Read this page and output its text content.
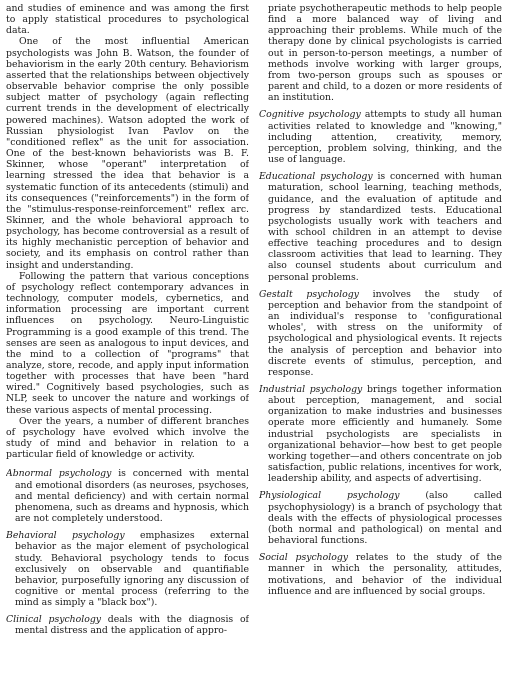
and studies of eminence and was among the first to apply statistical procedures to psychological data.

One of the most influential American psychologists was John B. Watson, the founder of behaviorism in the early 20th century. Behaviorism asserted that the relationships between objectively observable behavior comprise the only possible subject matter of psychology (again reflecting current trends in the development of electrically powered machines). Watson adopted the work of Russian physiologist Ivan Pavlov on the "conditioned reflex" as the unit for association. One of the best-known behaviorists was B. F. Skinner, whose "operant" interpretation of learning stressed the idea that behavior is a systematic function of its antecedents (stimuli) and its consequences ("reinforcements") in the form of the "stimulus-response-reinforcement" reflex arc. Skinner, and the whole behavioral approach to psychology, has become controversial as a result of its highly mechanistic perception of behavior and society, and its emphasis on control rather than insight and understanding.

Following the pattern that various conceptions of psychology reflect contemporary advances in technology, computer models, cybernetics, and information processing are important current influences on psychology. Neuro-Linguistic Programming is a good example of this trend. The senses are seen as analogous to input devices, and the mind to a collection of "programs" that analyze, store, recode, and apply input information together with processes that have been "hard wired." Cognitively based psychologies, such as NLP, seek to uncover the nature and workings of these various aspects of mental processing.

Over the years, a number of different branches of psychology have evolved which involve the study of mind and behavior in relation to a particular field of knowledge or activity.

Abnormal psychology is concerned with mental and emotional disorders (as neuroses, psychoses, and mental deficiency) and with certain normal phenomena, such as dreams and hypnosis, which are not completely understood.

Behavioral psychology emphasizes external behavior as the major element of psychological study. Behavioral psychology tends to focus exclusively on observable and quantifiable behavior, purposefully ignoring any discussion of cognitive or mental process (referring to the mind as simply a "black box").

Clinical psychology deals with the diagnosis of mental distress and the application of appro-

priate psychotherapeutic methods to help people find a more balanced way of living and approaching their problems. While much of the therapy done by clinical psychologists is carried out in person-to-person meetings, a number of methods involve working with larger groups, from two-person groups such as spouses or parent and child, to a dozen or more residents of an institution.

Cognitive psychology attempts to study all human activities related to knowledge and "knowing," including attention, creativity, memory, perception, problem solving, thinking, and the use of language.

Educational psychology is concerned with human maturation, school learning, teaching methods, guidance, and the evaluation of aptitude and progress by standardized tests. Educational psychologists usually work with teachers and with school children in an attempt to devise effective teaching procedures and to design classroom activities that lead to learning. They also counsel students about curriculum and personal problems.

Gestalt psychology involves the study of perception and behavior from the standpoint of an individual's response to 'configurational wholes', with stress on the uniformity of psychological and physiological events. It rejects the analysis of perception and behavior into discrete events of stimulus, perception, and response.

Industrial psychology brings together information about perception, management, and social organization to make industries and businesses operate more efficiently and humanely. Some industrial psychologists are specialists in organizational behavior—how best to get people working together—and others concentrate on job satisfaction, public relations, incentives for work, leadership ability, and aspects of advertising.

Physiological psychology (also called psychophysiology) is a branch of psychology that deals with the effects of physiological processes (both normal and pathological) on mental and behavioral functions.

Social psychology relates to the study of the manner in which the personality, attitudes, motivations, and behavior of the individual influence and are influenced by social groups.
